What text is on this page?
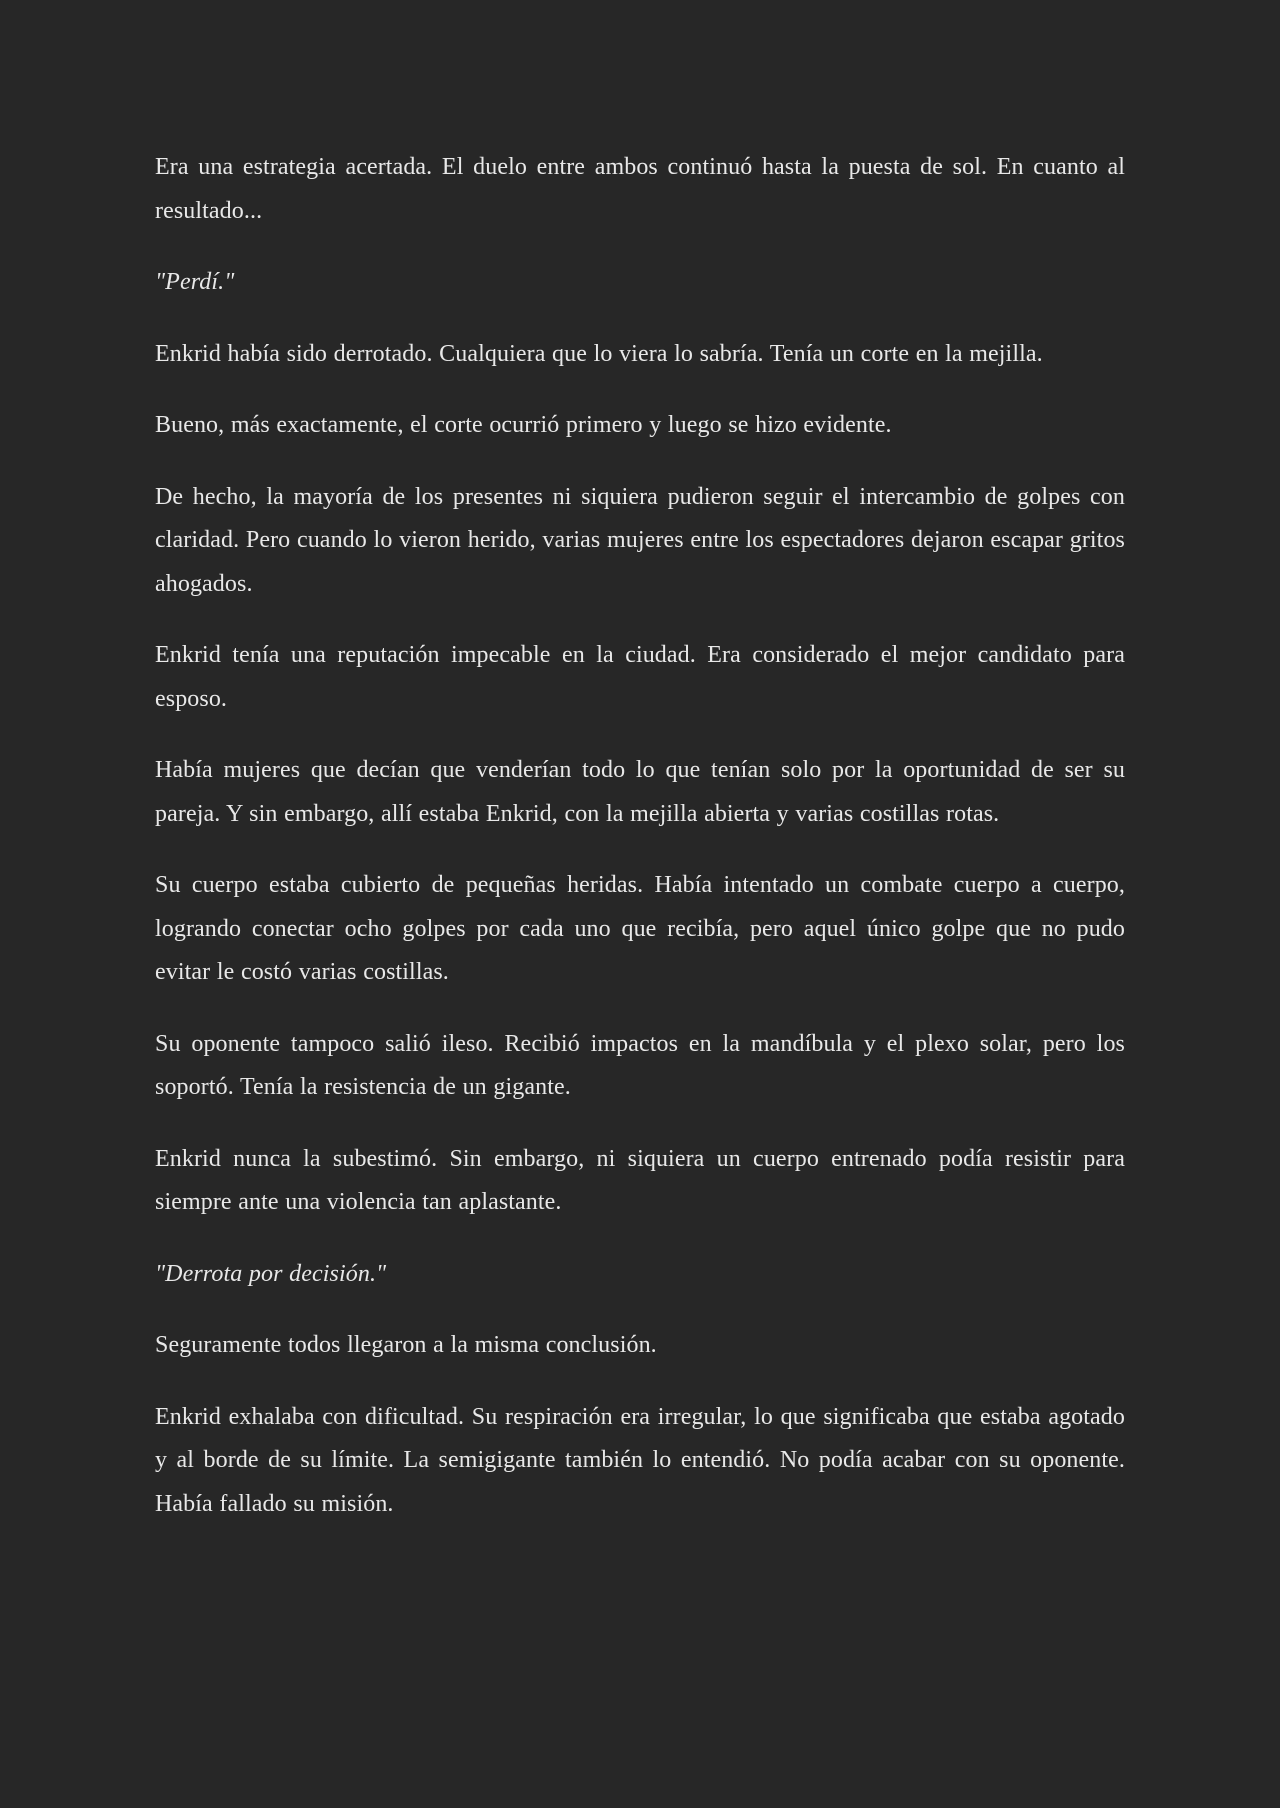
Era una estrategia acertada. El duelo entre ambos continuó hasta la puesta de sol. En cuanto al resultado...

"Perdí."

Enkrid había sido derrotado. Cualquiera que lo viera lo sabría. Tenía un corte en la mejilla.

Bueno, más exactamente, el corte ocurrió primero y luego se hizo evidente.

De hecho, la mayoría de los presentes ni siquiera pudieron seguir el intercambio de golpes con claridad. Pero cuando lo vieron herido, varias mujeres entre los espectadores dejaron escapar gritos ahogados.

Enkrid tenía una reputación impecable en la ciudad. Era considerado el mejor candidato para esposo.

Había mujeres que decían que venderían todo lo que tenían solo por la oportunidad de ser su pareja. Y sin embargo, allí estaba Enkrid, con la mejilla abierta y varias costillas rotas.

Su cuerpo estaba cubierto de pequeñas heridas. Había intentado un combate cuerpo a cuerpo, logrando conectar ocho golpes por cada uno que recibía, pero aquel único golpe que no pudo evitar le costó varias costillas.

Su oponente tampoco salió ileso. Recibió impactos en la mandíbula y el plexo solar, pero los soportó. Tenía la resistencia de un gigante.

Enkrid nunca la subestimó. Sin embargo, ni siquiera un cuerpo entrenado podía resistir para siempre ante una violencia tan aplastante.

"Derrota por decisión."

Seguramente todos llegaron a la misma conclusión.

Enkrid exhalaba con dificultad. Su respiración era irregular, lo que significaba que estaba agotado y al borde de su límite. La semigigante también lo entendió. No podía acabar con su oponente. Había fallado su misión.
